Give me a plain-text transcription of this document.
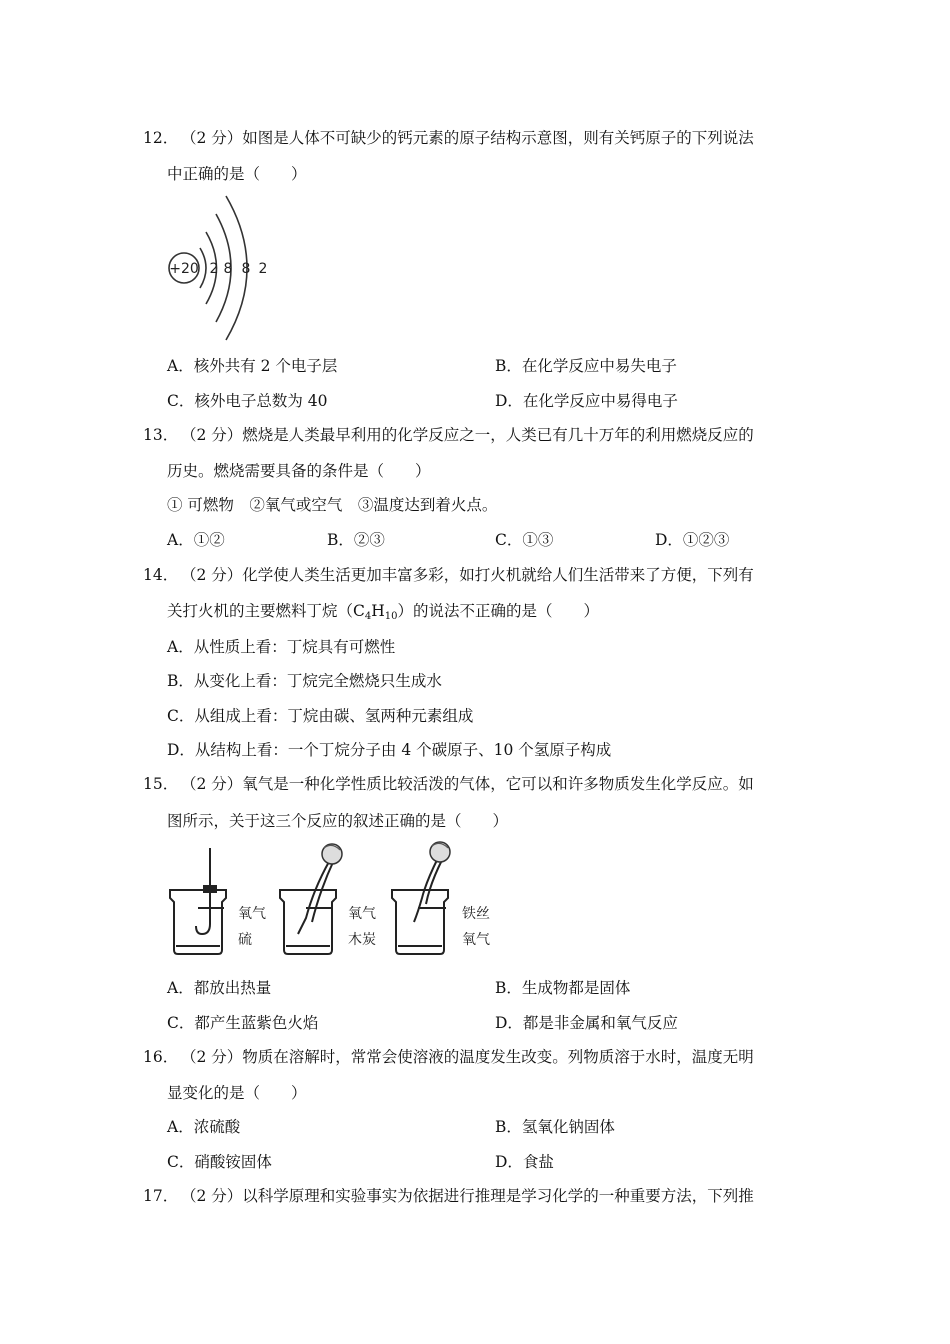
12． （2 分）如图是人体不可缺少的钙元素的原子结构示意图，则有关钙原子的下列说法
中正确的是（　　）
+20 2 8 8 2
A．核外共有 2 个电子层	B．在化学反应中易失电子
C．核外电子总数为 40	D．在化学反应中易得电子
13． （2 分）燃烧是人类最早利用的化学反应之一，人类已有几十万年的利用燃烧反应的
历史。燃烧需要具备的条件是（　　）
① 可燃物　②氧气或空气　③温度达到着火点。
A．①②	B．②③	C．①③	D．①②③
14． （2 分）化学使人类生活更加丰富多彩，如打火机就给人们生活带来了方便，下列有
关打火机的主要燃料丁烷$(C_4H_{10})$的说法不正确的是（　　）
A．从性质上看：丁烷具有可燃性
B．从变化上看：丁烷完全燃烧只生成水
C．从组成上看：丁烷由碳、氢两种元素组成
D．从结构上看：一个丁烷分子由 4 个碳原子、10 个氢原子构成
15． （2 分）氧气是一种化学性质比较活泼的气体，它可以和许多物质发生化学反应。如
图所示，关于这三个反应的叙述正确的是（　　）
氧气
硫
氧气
木炭
铁丝
氧气
A．都放出热量	B．生成物都是固体
C．都产生蓝紫色火焰	D．都是非金属和氧气反应
16． （2 分）物质在溶解时，常常会使溶液的温度发生改变。列物质溶于水时，温度无明
显变化的是（　　）
A．浓硫酸	B．氢氧化钠固体
C．硝酸铵固体	D．食盐
17． （2 分）以科学原理和实验事实为依据进行推理是学习化学的一种重要方法，下列推
